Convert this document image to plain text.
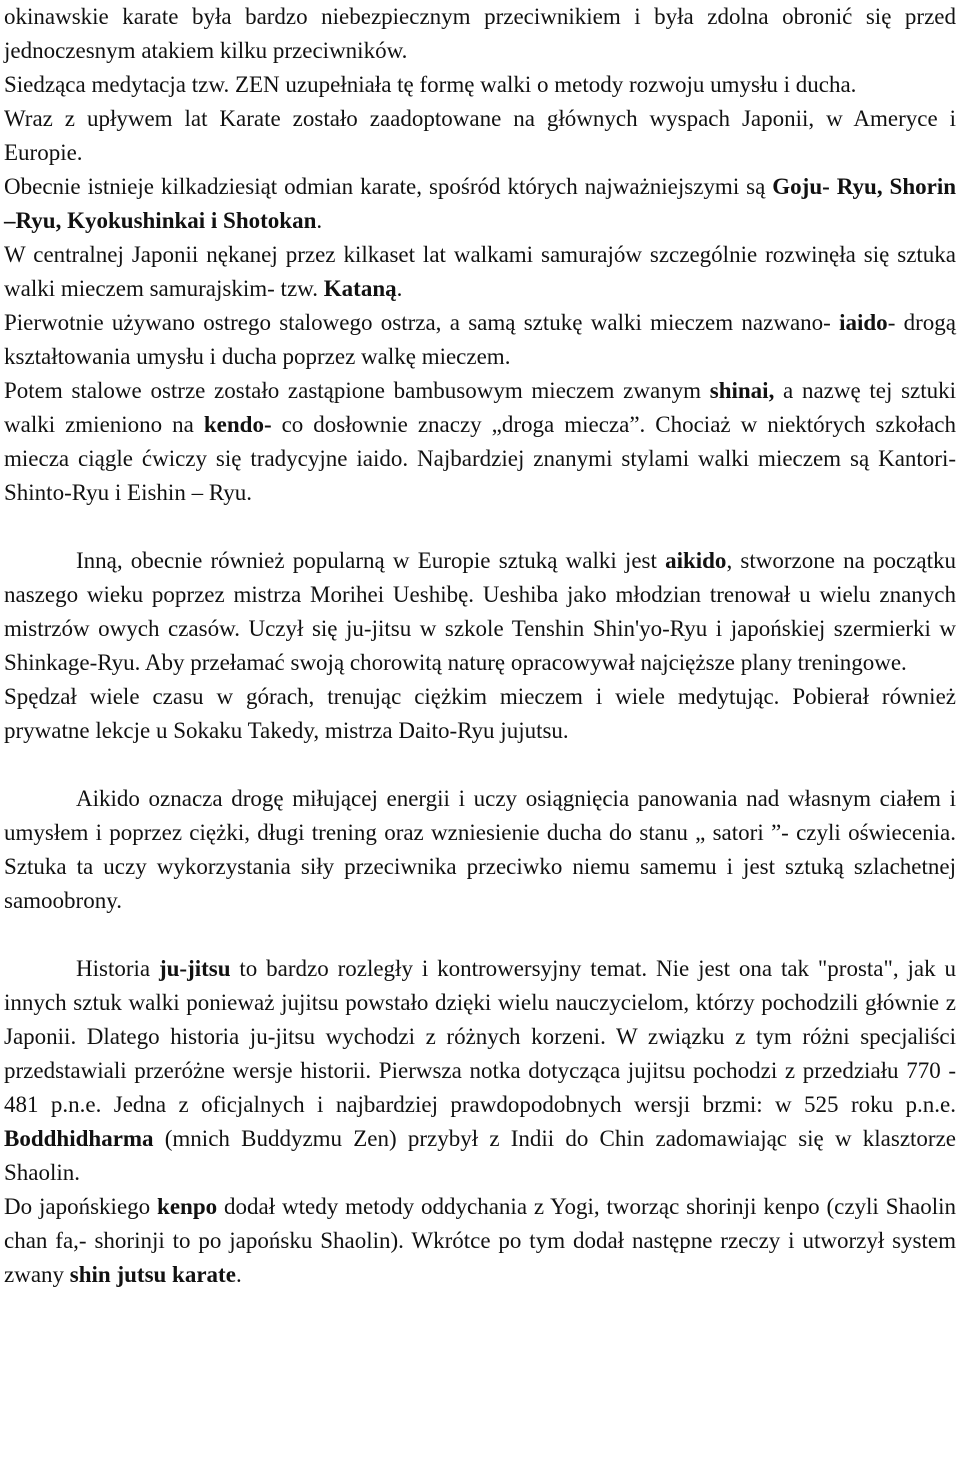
okinawskie karate była bardzo niebezpiecznym przeciwnikiem i była zdolna obronić się przed jednoczesnym atakiem kilku przeciwników.

Siedząca medytacja tzw. ZEN uzupełniała tę formę walki o metody rozwoju umysłu i ducha.

Wraz z upływem lat Karate zostało zaadoptowane na głównych wyspach Japonii, w Ameryce i Europie.

Obecnie istnieje kilkadziesiąt odmian karate, spośród których najważniejszymi są Goju- Ryu, Shorin –Ryu, Kyokushinkai i Shotokan.

W centralnej Japonii nękanej przez kilkaset lat walkami samurajów szczególnie rozwinęła się sztuka walki mieczem samurajskim- tzw. Kataną.

Pierwotnie używano ostrego stalowego ostrza, a samą sztukę walki mieczem nazwano- iaido- drogą kształtowania umysłu i ducha poprzez walkę mieczem.

Potem stalowe ostrze zostało zastąpione bambusowym mieczem zwanym shinai, a nazwę tej sztuki walki zmieniono na kendo- co dosłownie znaczy „droga miecza”. Chociaż w niektórych szkołach miecza ciągle ćwiczy się tradycyjne iaido. Najbardziej znanymi stylami walki mieczem są Kantori- Shinto-Ryu i Eishin – Ryu.

Inną, obecnie również popularną w Europie sztuką walki jest aikido, stworzone na początku naszego wieku poprzez mistrza Morihei Ueshibę. Ueshiba jako młodzian trenował u wielu znanych mistrzów owych czasów. Uczył się ju-jitsu w szkole Tenshin Shin'yo-Ryu i japońskiej szermierki w Shinkage-Ryu. Aby przełamać swoją chorowitą naturę opracowywał najcięższe plany treningowe.

Spędzał wiele czasu w górach, trenując ciężkim mieczem i wiele medytując. Pobierał również prywatne lekcje u Sokaku Takedy, mistrza Daito-Ryu jujutsu.

Aikido oznacza drogę miłującej energii i uczy osiągnięcia panowania nad własnym ciałem i umysłem i poprzez ciężki, długi trening oraz wzniesienie ducha do stanu „ satori ”- czyli oświecenia. Sztuka ta uczy wykorzystania siły przeciwnika przeciwko niemu samemu i jest sztuką szlachetnej samoobrony.

Historia ju-jitsu to bardzo rozległy i kontrowersyjny temat. Nie jest ona tak "prosta", jak u innych sztuk walki ponieważ jujitsu powstało dzięki wielu nauczycielom, którzy pochodzili głównie z Japonii. Dlatego historia ju-jitsu wychodzi z różnych korzeni. W związku z tym różni specjaliści przedstawiali przeróżne wersje historii. Pierwsza notka dotycząca jujitsu pochodzi z przedziału 770 - 481 p.n.e. Jedna z oficjalnych i najbardziej prawdopodobnych wersji brzmi: w 525 roku p.n.e. Boddhidharma (mnich Buddyzmu Zen) przybył z Indii do Chin zadomawiając się w klasztorze Shaolin.

Do japońskiego kenpo dodał wtedy metody oddychania z Yogi, tworząc shorinji kenpo (czyli Shaolin chan fa,- shorinji to po japońsku Shaolin). Wkrótce po tym dodał następne rzeczy i utworzył system zwany shin jutsu karate.
